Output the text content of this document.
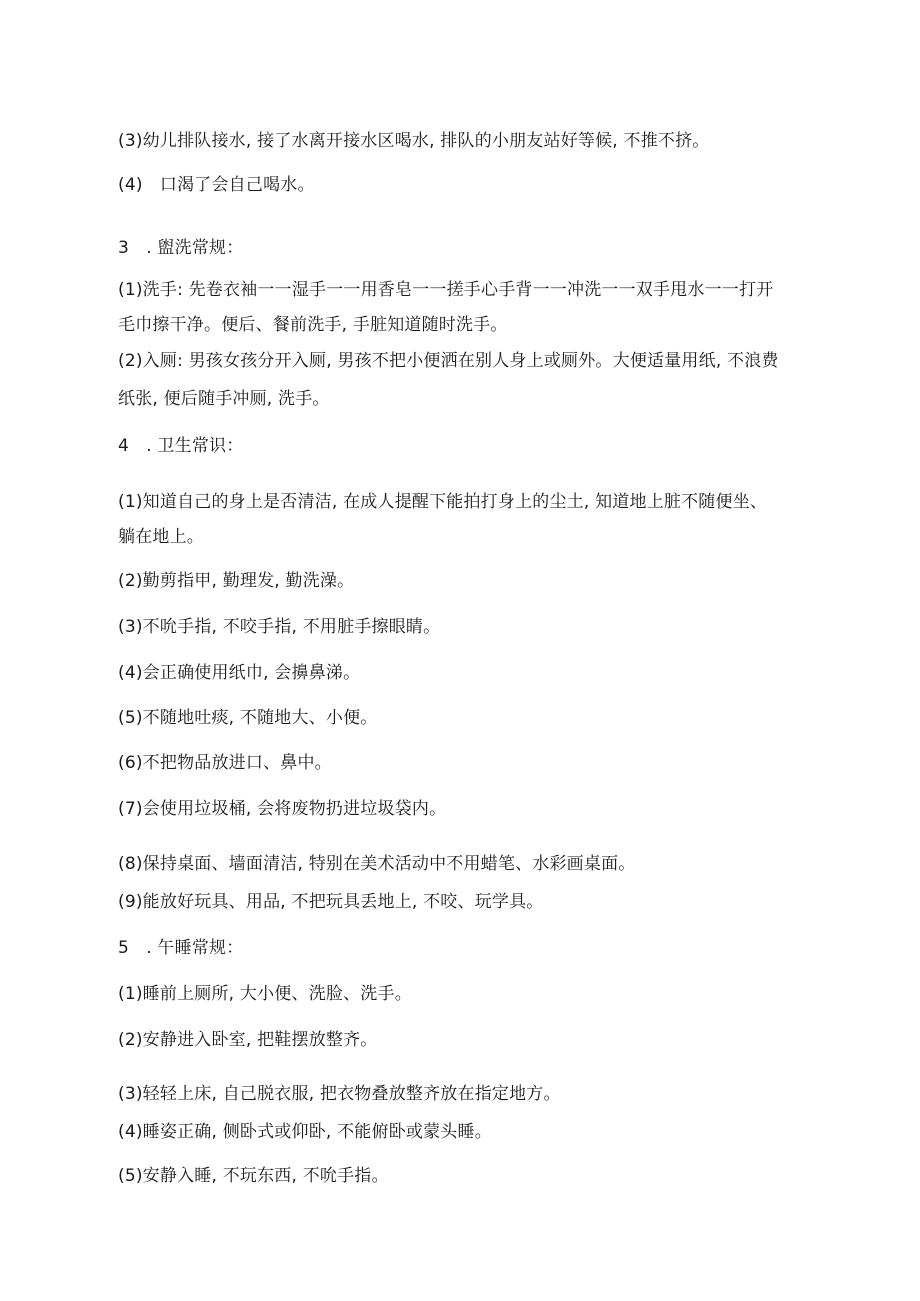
(3)幼儿排队接水, 接了水离开接水区喝水, 排队的小朋友站好等候, 不推不挤。
(4)　口渴了会自己喝水。
3　. 盥洗常规：
(1)洗手: 先卷衣袖一一湿手一一用香皂一一搓手心手背一一冲洗一一双手甩水一一打开
毛巾擦干净。便后、餐前洗手, 手脏知道随时洗手。
(2)入厕: 男孩女孩分开入厕, 男孩不把小便洒在别人身上或厕外。大便适量用纸, 不浪费
纸张, 便后随手冲厕, 洗手。
4　. 卫生常识：
(1)知道自己的身上是否清洁, 在成人提醒下能拍打身上的尘土, 知道地上脏不随便坐、
躺在地上。
(2)勤剪指甲, 勤理发, 勤洗澡。
(3)不吮手指, 不咬手指, 不用脏手擦眼睛。
(4)会正确使用纸巾, 会擤鼻涕。
(5)不随地吐痰, 不随地大、小便。
(6)不把物品放进口、鼻中。
(7)会使用垃圾桶, 会将废物扔进垃圾袋内。
(8)保持桌面、墙面清洁, 特别在美术活动中不用蜡笔、水彩画桌面。
(9)能放好玩具、用品, 不把玩具丢地上, 不咬、玩学具。
5　. 午睡常规：
(1)睡前上厕所, 大小便、洗脸、洗手。
(2)安静进入卧室, 把鞋摆放整齐。
(3)轻轻上床, 自己脱衣服, 把衣物叠放整齐放在指定地方。
(4)睡姿正确, 侧卧式或仰卧, 不能俯卧或蒙头睡。
(5)安静入睡, 不玩东西, 不吮手指。
